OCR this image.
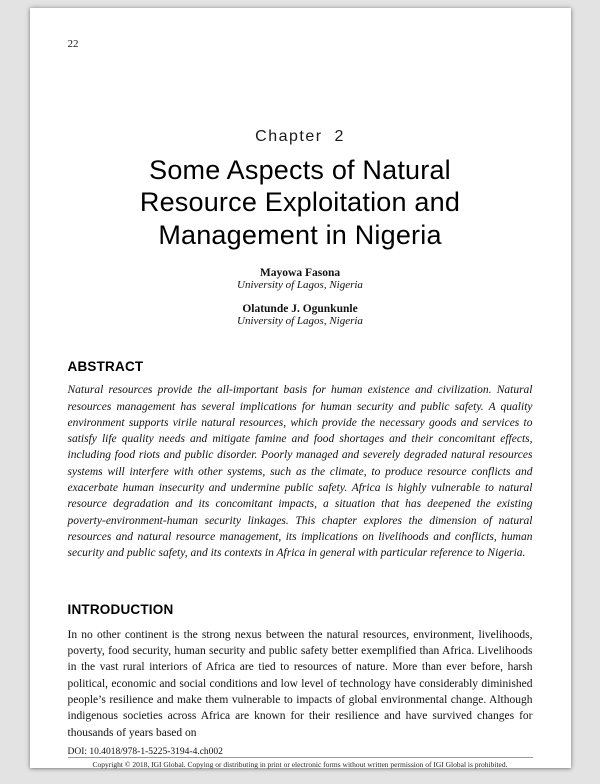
22
Chapter  2
Some Aspects of Natural
Resource Exploitation and
Management in Nigeria
Mayowa Fasona
University of Lagos, Nigeria
Olatunde J. Ogunkunle
University of Lagos, Nigeria
ABSTRACT

Natural resources provide the all-important basis for human existence and civilization. Natural resources management has several implications for human security and public safety. A quality environment supports virile natural resources, which provide the necessary goods and services to satisfy life quality needs and mitigate famine and food shortages and their concomitant effects, including food riots and public disorder. Poorly managed and severely degraded natural resources systems will interfere with other systems, such as the climate, to produce resource conflicts and exacerbate human insecurity and undermine public safety. Africa is highly vulnerable to natural resource degradation and its concomitant impacts, a situation that has deepened the existing poverty-environment-human security linkages. This chapter explores the dimension of natural resources and natural resource management, its implications on livelihoods and conflicts, human security and public safety, and its contexts in Africa in general with particular reference to Nigeria.

INTRODUCTION

In no other continent is the strong nexus between the natural resources, environment, livelihoods, poverty, food security, human security and public safety better exemplified than Africa. Livelihoods in the vast rural interiors of Africa are tied to resources of nature. More than ever before, harsh political, economic and social conditions and low level of technology have considerably diminished people’s resilience and make them vulnerable to impacts of global environmental change. Although indigenous societies across Africa are known for their resilience and have survived changes for thousands of years based on

DOI: 10.4018/978-1-5225-3194-4.ch002
Copyright © 2018, IGI Global. Copying or distributing in print or electronic forms without written permission of IGI Global is prohibited.
